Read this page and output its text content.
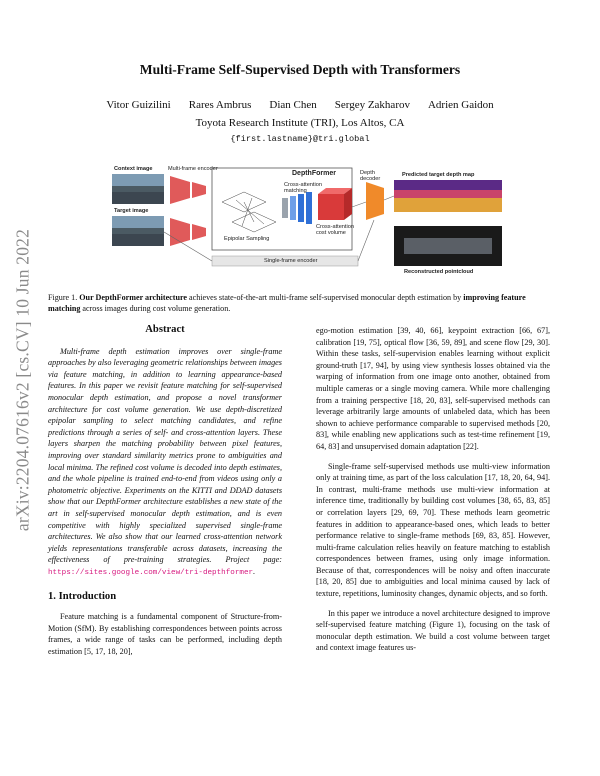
arXiv:2204.07616v2 [cs.CV] 10 Jun 2022
Multi-Frame Self-Supervised Depth with Transformers
Vitor Guizilini Rares Ambrus Dian Chen Sergey Zakharov Adrien Gaidon
Toyota Research Institute (TRI), Los Altos, CA
{first.lastname}@tri.global
Context image
Target image
Multi-frame encoder
DepthFormer
Cross-attention matching
Cross-attention cost volume
Epipolar Sampling
Depth decoder
Predicted target depth map
Single-frame encoder
Reconstructed pointcloud
Figure 1. Our DepthFormer architecture achieves state-of-the-art multi-frame self-supervised monocular depth estimation by improving feature matching across images during cost volume generation.
Abstract

Multi-frame depth estimation improves over single-frame approaches by also leveraging geometric relationships between images via feature matching, in addition to learning appearance-based features. In this paper we revisit feature matching for self-supervised monocular depth estimation, and propose a novel transformer architecture for cost volume generation. We use depth-discretized epipolar sampling to select matching candidates, and refine predictions through a series of self- and cross-attention layers. These layers sharpen the matching probability between pixel features, improving over standard similarity metrics prone to ambiguities and local minima. The refined cost volume is decoded into depth estimates, and the whole pipeline is trained end-to-end from videos using only a photometric objective. Experiments on the KITTI and DDAD datasets show that our DepthFormer architecture establishes a new state of the art in self-supervised monocular depth estimation, and is even competitive with highly specialized supervised single-frame architectures. We also show that our learned cross-attention network yields representations transferable across datasets, increasing the effectiveness of pre-training strategies. Project page: https://sites.google.com/view/tri-depthformer.

1. Introduction

Feature matching is a fundamental component of Structure-from-Motion (SfM). By establishing correspondences between points across frames, a wide range of tasks can be performed, including depth estimation [5, 17, 18, 20],

ego-motion estimation [39, 40, 66], keypoint extraction [66, 67], calibration [19, 75], optical flow [36, 59, 89], and scene flow [29, 30]. Within these tasks, self-supervision enables learning without explicit ground-truth [17, 94], by using view synthesis losses obtained via the warping of information from one image onto another, obtained from multiple cameras or a single moving camera. While more challenging from a training perspective [18, 20, 83], self-supervised methods can leverage arbitrarily large amounts of unlabeled data, which has been shown to achieve performance comparable to supervised methods [20, 83], while enabling new applications such as test-time refinement [19, 64, 83] and unsupervised domain adaptation [22].

Single-frame self-supervised methods use multi-view information only at training time, as part of the loss calculation [17, 18, 20, 64, 94]. In contrast, multi-frame methods use multi-view information at inference time, traditionally by building cost volumes [38, 65, 83, 85] or correlation layers [29, 69, 70]. These methods learn geometric features in addition to appearance-based ones, which leads to better performance relative to single-frame methods [69, 83, 85]. However, multi-frame calculation relies heavily on feature matching to establish correspondences between frames, using only image information. Because of that, correspondences will be noisy and often inaccurate [18, 20, 85] due to ambiguities and local minima caused by lack of texture, repetitions, luminosity changes, dynamic objects, and so forth.

In this paper we introduce a novel architecture designed to improve self-supervised feature matching (Figure 1), focusing on the task of monocular depth estimation. We build a cost volume between target and context image features us-
